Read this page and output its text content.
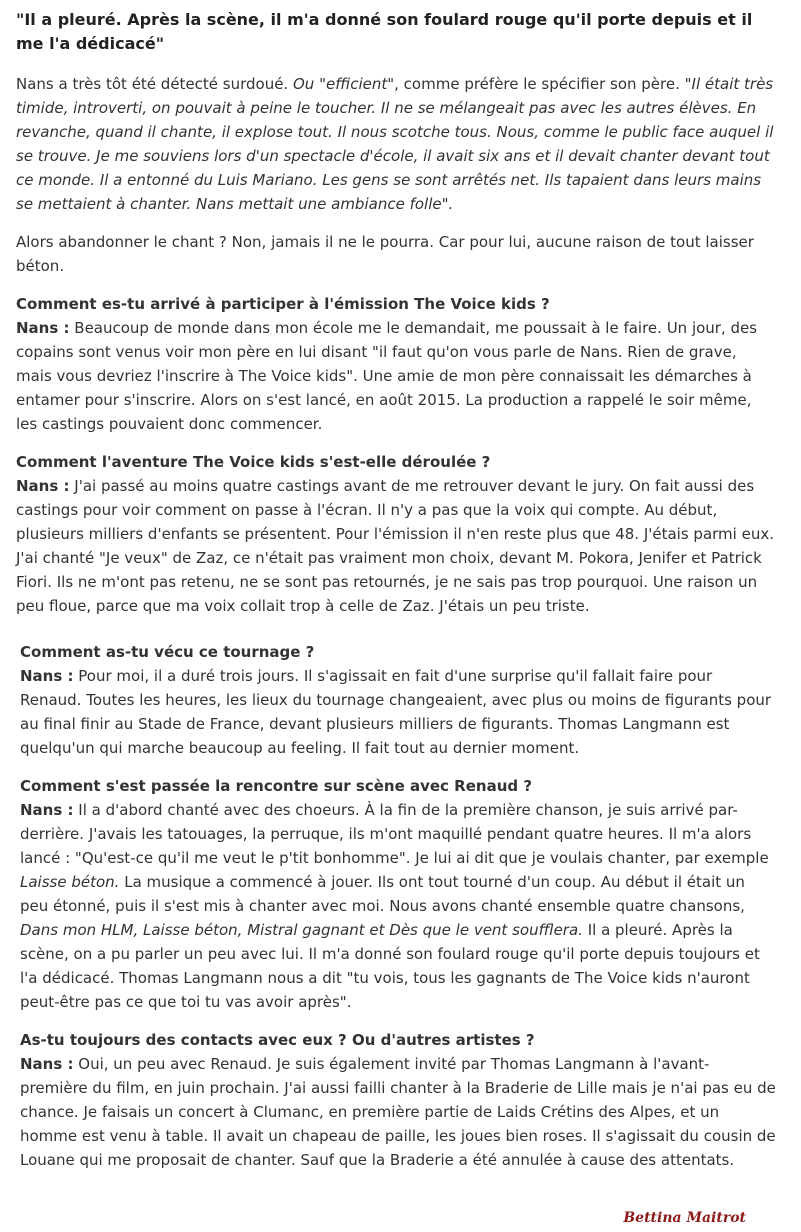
"Il a pleuré. Après la scène, il m'a donné son foulard rouge qu'il porte depuis et il me l'a dédicacé"

Nans a très tôt été détecté surdoué. Ou "efficient", comme préfère le spécifier son père. "Il était très timide, introverti, on pouvait à peine le toucher. Il ne se mélangeait pas avec les autres élèves. En revanche, quand il chante, il explose tout. Il nous scotche tous. Nous, comme le public face auquel il se trouve. Je me souviens lors d'un spectacle d'école, il avait six ans et il devait chanter devant tout ce monde. Il a entonné du Luis Mariano. Les gens se sont arrêtés net. Ils tapaient dans leurs mains se mettaient à chanter. Nans mettait une ambiance folle".

Alors abandonner le chant ? Non, jamais il ne le pourra. Car pour lui, aucune raison de tout laisser béton.

Comment es-tu arrivé à participer à l'émission The Voice kids ?
Nans : Beaucoup de monde dans mon école me le demandait, me poussait à le faire. Un jour, des copains sont venus voir mon père en lui disant "il faut qu'on vous parle de Nans. Rien de grave, mais vous devriez l'inscrire à The Voice kids". Une amie de mon père connaissait les démarches à entamer pour s'inscrire. Alors on s'est lancé, en août 2015. La production a rappelé le soir même, les castings pouvaient donc commencer.
Comment l'aventure The Voice kids s'est-elle déroulée ?
Nans : J'ai passé au moins quatre castings avant de me retrouver devant le jury. On fait aussi des castings pour voir comment on passe à l'écran. Il n'y a pas que la voix qui compte. Au début, plusieurs milliers d'enfants se présentent. Pour l'émission il n'en reste plus que 48. J'étais parmi eux. J'ai chanté "Je veux" de Zaz, ce n'était pas vraiment mon choix, devant M. Pokora, Jenifer et Patrick Fiori. Ils ne m'ont pas retenu, ne se sont pas retournés, je ne sais pas trop pourquoi. Une raison un peu floue, parce que ma voix collait trop à celle de Zaz. J'étais un peu triste.
Comment as-tu vécu ce tournage ?
Nans : Pour moi, il a duré trois jours. Il s'agissait en fait d'une surprise qu'il fallait faire pour Renaud. Toutes les heures, les lieux du tournage changeaient, avec plus ou moins de figurants pour au final finir au Stade de France, devant plusieurs milliers de figurants. Thomas Langmann est quelqu'un qui marche beaucoup au feeling. Il fait tout au dernier moment.
Comment s'est passée la rencontre sur scène avec Renaud ?
Nans : Il a d'abord chanté avec des choeurs. À la fin de la première chanson, je suis arrivé par-derrière. J'avais les tatouages, la perruque, ils m'ont maquillé pendant quatre heures. Il m'a alors lancé : "Qu'est-ce qu'il me veut le p'tit bonhomme". Je lui ai dit que je voulais chanter, par exemple Laisse béton. La musique a commencé à jouer. Ils ont tout tourné d'un coup. Au début il était un peu étonné, puis il s'est mis à chanter avec moi. Nous avons chanté ensemble quatre chansons, Dans mon HLM, Laisse béton, Mistral gagnant et Dès que le vent soufflera. Il a pleuré. Après la scène, on a pu parler un peu avec lui. Il m'a donné son foulard rouge qu'il porte depuis toujours et l'a dédicacé. Thomas Langmann nous a dit "tu vois, tous les gagnants de The Voice kids n'auront peut-être pas ce que toi tu vas avoir après".
As-tu toujours des contacts avec eux ? Ou d'autres artistes ?
Nans : Oui, un peu avec Renaud. Je suis également invité par Thomas Langmann à l'avant-première du film, en juin prochain. J'ai aussi failli chanter à la Braderie de Lille mais je n'ai pas eu de chance. Je faisais un concert à Clumanc, en première partie de Laids Crétins des Alpes, et un homme est venu à table. Il avait un chapeau de paille, les joues bien roses. Il s'agissait du cousin de Louane qui me proposait de chanter. Sauf que la Braderie a été annulée à cause des attentats.
Bettina Maitrot
